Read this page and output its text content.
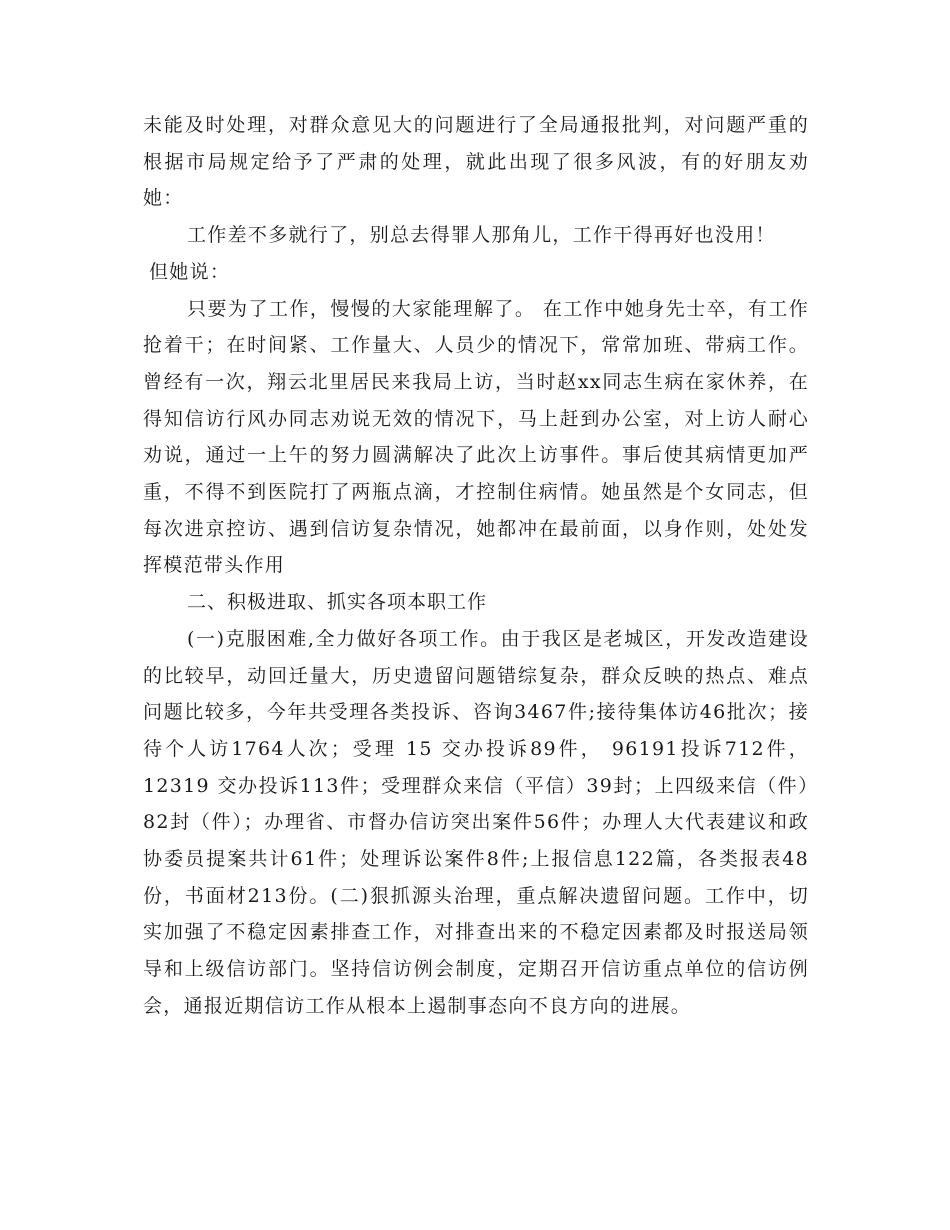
未能及时处理，对群众意见大的问题进行了全局通报批判，对问题严重的根据市局规定给予了严肃的处理，就此出现了很多风波，有的好朋友劝她：

工作差不多就行了，别总去得罪人那角儿，工作干得再好也没用！

但她说：

只要为了工作，慢慢的大家能理解了。 在工作中她身先士卒，有工作抢着干；在时间紧、工作量大、人员少的情况下，常常加班、带病工作。曾经有一次，翔云北里居民来我局上访，当时赵xx同志生病在家休养，在得知信访行风办同志劝说无效的情况下，马上赶到办公室，对上访人耐心劝说，通过一上午的努力圆满解决了此次上访事件。事后使其病情更加严重，不得不到医院打了两瓶点滴，才控制住病情。她虽然是个女同志，但每次进京控访、遇到信访复杂情况，她都冲在最前面，以身作则，处处发挥模范带头作用

二、积极进取、抓实各项本职工作

(一)克服困难,全力做好各项工作。由于我区是老城区，开发改造建设的比较早，动回迁量大，历史遗留问题错综复杂，群众反映的热点、难点问题比较多，今年共受理各类投诉、咨询3467件;接待集体访46批次；接待个人访1764人次；受理 15 交办投诉89件， 96191投诉712件， 12319 交办投诉113件；受理群众来信（平信）39封；上四级来信（件）82封（件）；办理省、市督办信访突出案件56件；办理人大代表建议和政协委员提案共计61件；处理诉讼案件8件;上报信息122篇，各类报表48份，书面材213份。(二)狠抓源头治理，重点解决遗留问题。工作中，切实加强了不稳定因素排查工作，对排查出来的不稳定因素都及时报送局领导和上级信访部门。坚持信访例会制度，定期召开信访重点单位的信访例会，通报近期信访工作从根本上遏制事态向不良方向的进展。
